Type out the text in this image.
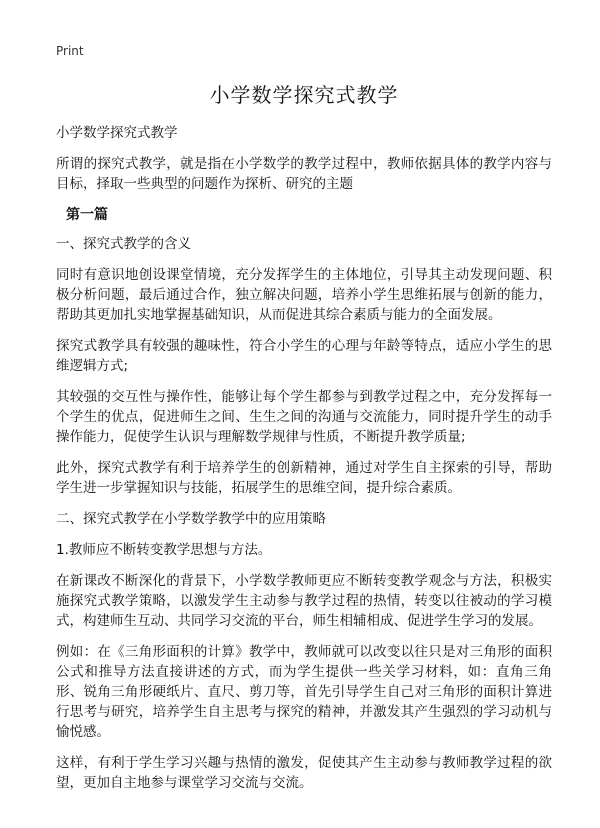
Print
小学数学探究式教学

小学数学探究式教学

所谓的探究式教学，就是指在小学数学的教学过程中，教师依据具体的教学内容与目标，择取一些典型的问题作为探析、研究的主题

第一篇

一、探究式教学的含义

同时有意识地创设课堂情境，充分发挥学生的主体地位，引导其主动发现问题、积极分析问题，最后通过合作，独立解决问题，培养小学生思维拓展与创新的能力，帮助其更加扎实地掌握基础知识，从而促进其综合素质与能力的全面发展。

探究式教学具有较强的趣味性，符合小学生的心理与年龄等特点，适应小学生的思维逻辑方式;

其较强的交互性与操作性，能够让每个学生都参与到教学过程之中，充分发挥每一个学生的优点，促进师生之间、生生之间的沟通与交流能力，同时提升学生的动手操作能力，促使学生认识与理解数学规律与性质，不断提升教学质量;

此外，探究式教学有利于培养学生的创新精神，通过对学生自主探索的引导，帮助学生进一步掌握知识与技能，拓展学生的思维空间，提升综合素质。

二、探究式教学在小学数学教学中的应用策略

1.教师应不断转变教学思想与方法。

在新课改不断深化的背景下，小学数学教师更应不断转变教学观念与方法，积极实施探究式教学策略，以激发学生主动参与教学过程的热情，转变以往被动的学习模式，构建师生互动、共同学习交流的平台，师生相辅相成、促进学生学习的发展。

例如：在《三角形面积的计算》教学中，教师就可以改变以往只是对三角形的面积公式和推导方法直接讲述的方式，而为学生提供一些关学习材料，如：直角三角形、锐角三角形硬纸片、直尺、剪刀等，首先引导学生自己对三角形的面积计算进行思考与研究，培养学生自主思考与探究的精神，并激发其产生强烈的学习动机与愉悦感。

这样，有利于学生学习兴趣与热情的激发，促使其产生主动参与教师教学过程的欲望，更加自主地参与课堂学习交流与交流。
